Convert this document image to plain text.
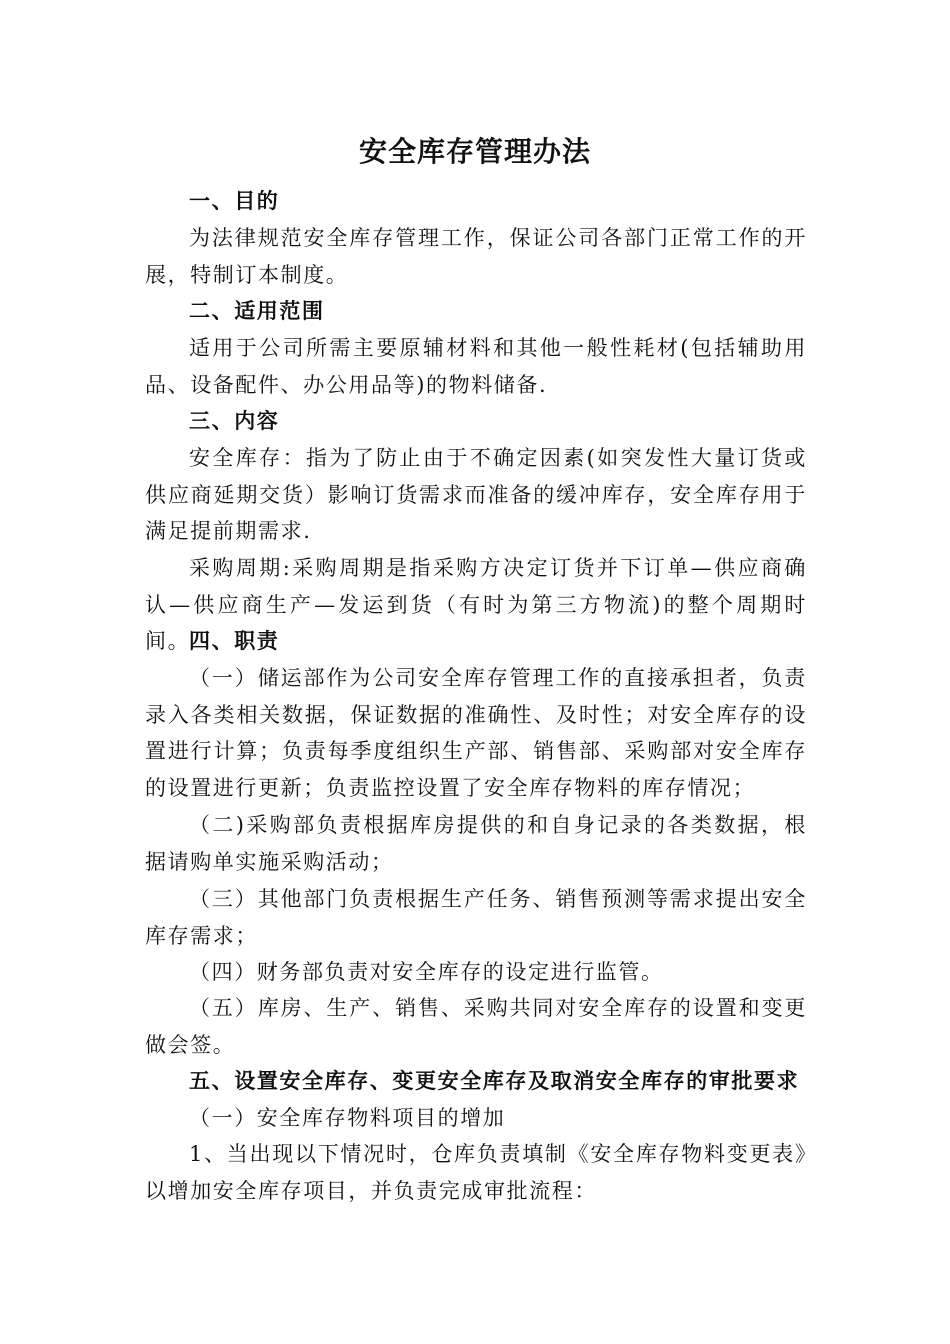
安全库存管理办法

一、目的

为法律规范安全库存管理工作，保证公司各部门正常工作的开展，特制订本制度。

二、适用范围

适用于公司所需主要原辅材料和其他一般性耗材(包括辅助用品、设备配件、办公用品等)的物料储备.

三、内容

安全库存：指为了防止由于不确定因素(如突发性大量订货或供应商延期交货）影响订货需求而准备的缓冲库存，安全库存用于满足提前期需求.

采购周期:采购周期是指采购方决定订货并下订单—供应商确认—供应商生产—发运到货（有时为第三方物流)的整个周期时间。

四、职责

（一）储运部作为公司安全库存管理工作的直接承担者，负责录入各类相关数据，保证数据的准确性、及时性；对安全库存的设置进行计算；负责每季度组织生产部、销售部、采购部对安全库存的设置进行更新；负责监控设置了安全库存物料的库存情况；

（二)采购部负责根据库房提供的和自身记录的各类数据，根据请购单实施采购活动；

（三）其他部门负责根据生产任务、销售预测等需求提出安全库存需求；

（四）财务部负责对安全库存的设定进行监管。

（五）库房、生产、销售、采购共同对安全库存的设置和变更做会签。

五、设置安全库存、变更安全库存及取消安全库存的审批要求

（一）安全库存物料项目的增加

1、当出现以下情况时，仓库负责填制《安全库存物料变更表》以增加安全库存项目，并负责完成审批流程：
